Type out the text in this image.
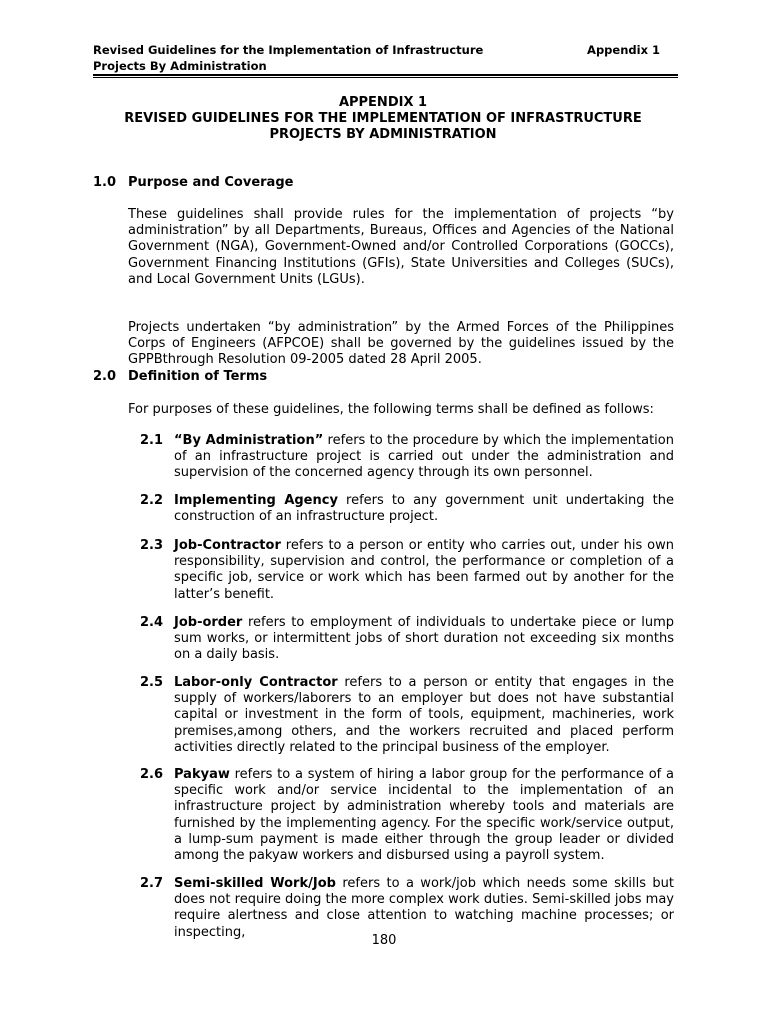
Revised Guidelines for the Implementation of Infrastructure
Projects By Administration
Appendix 1
APPENDIX 1
REVISED GUIDELINES FOR THE IMPLEMENTATION OF INFRASTRUCTURE
PROJECTS BY ADMINISTRATION
1.0 Purpose and Coverage
These guidelines shall provide rules for the implementation of projects “by administration” by all Departments, Bureaus, Offices and Agencies of the National Government (NGA), Government-Owned and/or Controlled Corporations (GOCCs), Government Financing Institutions (GFIs), State Universities and Colleges (SUCs), and Local Government Units (LGUs).
Projects undertaken “by administration” by the Armed Forces of the Philippines Corps of Engineers (AFPCOE) shall be governed by the guidelines issued by the GPPBthrough Resolution 09-2005 dated 28 April 2005.
2.0 Definition of Terms
For purposes of these guidelines, the following terms shall be defined as follows:
2.1 “By Administration” refers to the procedure by which the implementation of an infrastructure project is carried out under the administration and supervision of the concerned agency through its own personnel.
2.2 Implementing Agency refers to any government unit undertaking the construction of an infrastructure project.
2.3 Job-Contractor refers to a person or entity who carries out, under his own responsibility, supervision and control, the performance or completion of a specific job, service or work which has been farmed out by another for the latter’s benefit.
2.4 Job-order refers to employment of individuals to undertake piece or lump sum works, or intermittent jobs of short duration not exceeding six months on a daily basis.
2.5 Labor-only Contractor refers to a person or entity that engages in the supply of workers/laborers to an employer but does not have substantial capital or investment in the form of tools, equipment, machineries, work premises,among others, and the workers recruited and placed perform activities directly related to the principal business of the employer.
2.6 Pakyaw refers to a system of hiring a labor group for the performance of a specific work and/or service incidental to the implementation of an infrastructure project by administration whereby tools and materials are furnished by the implementing agency. For the specific work/service output, a lump-sum payment is made either through the group leader or divided among the pakyaw workers and disbursed using a payroll system.
2.7 Semi-skilled Work/Job refers to a work/job which needs some skills but does not require doing the more complex work duties. Semi-skilled jobs may require alertness and close attention to watching machine processes; or inspecting,
180
